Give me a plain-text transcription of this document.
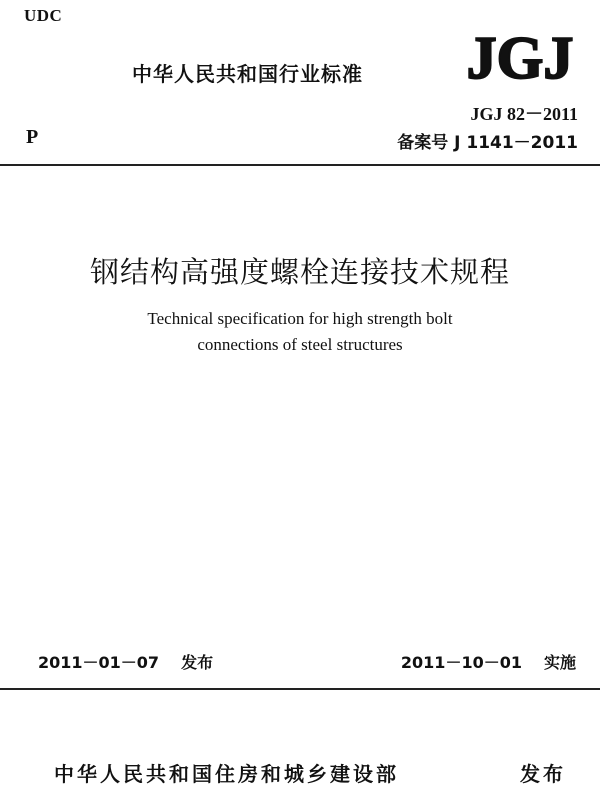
UDC
中华人民共和国行业标准 JGJ
JGJ 82－2011
备案号 J 1141－2011
P
钢结构高强度螺栓连接技术规程
Technical specification for high strength bolt
connections of steel structures
2011－01－07 发布	2011－10－01 实施
中华人民共和国住房和城乡建设部	发布
